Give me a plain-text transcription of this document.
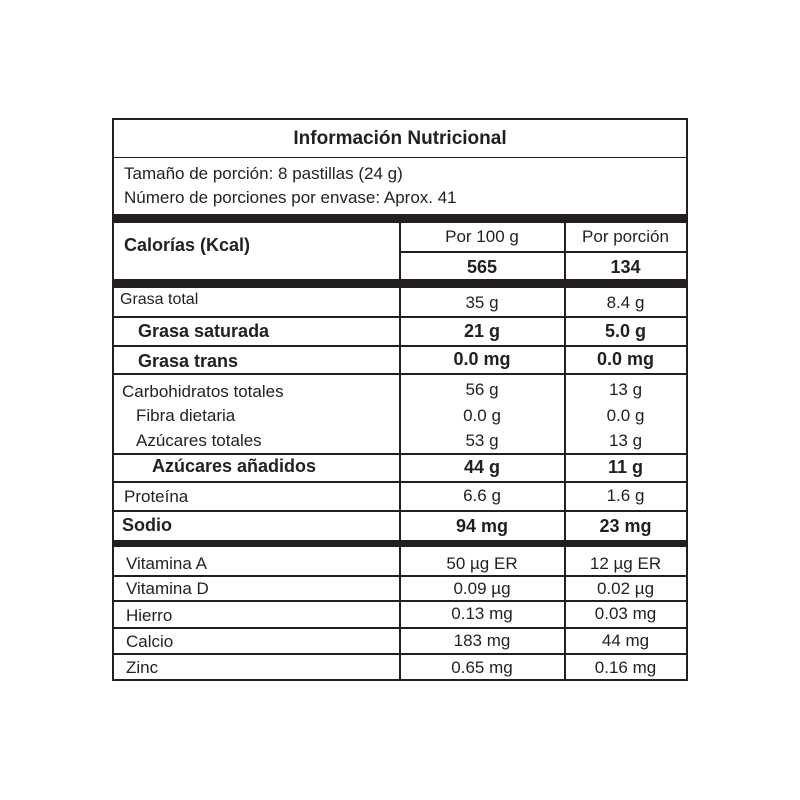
Información Nutricional
Tamaño de porción: 8 pastillas (24 g)
Número de porciones por envase: Aprox. 41
Calorías (Kcal)	Por 100 g	Por porción
565	134
Grasa total	35 g	8.4 g
Grasa saturada	21 g	5.0 g
Grasa trans	0.0 mg	0.0 mg
Carbohidratos totales	56 g	13 g
Fibra dietaria	0.0 g	0.0 g
Azúcares totales	53 g	13 g
Azúcares añadidos	44 g	11 g
Proteína	6.6 g	1.6 g
Sodio	94 mg	23 mg
Vitamina A	50 µg ER	12 µg ER
Vitamina D	0.09 µg	0.02 µg
Hierro	0.13 mg	0.03 mg
Calcio	183 mg	44 mg
Zinc	0.65 mg	0.16 mg
